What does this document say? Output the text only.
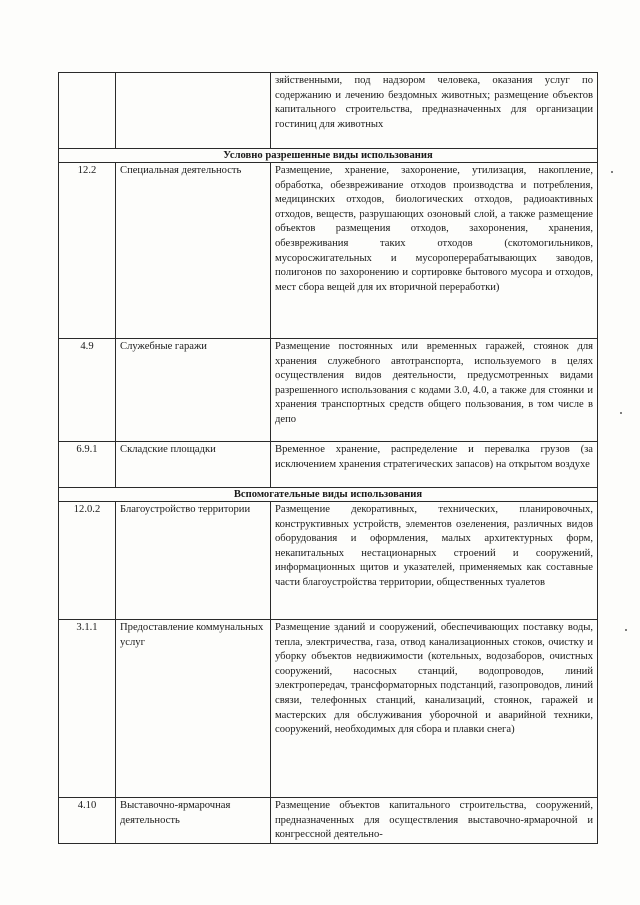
		зяйственными, под надзором человека, оказания услуг по содержанию и лечению бездомных животных; размещение объектов капитального строительства, предназначенных для организации гостиниц для животных
Условно разрешенные виды использования		
12.2	Специальная деятельность	Размещение, хранение, захоронение, утилизация, накопление, обработка, обезвреживание отходов производства и потребления, медицинских отходов, биологических отходов, радиоактивных отходов, веществ, разрушающих озоновый слой, а также размещение объектов размещения отходов, захоронения, хранения, обезвреживания таких отходов (скотомогильников, мусоросжигательных и мусороперерабатывающих заводов, полигонов по захоронению и сортировке бытового мусора и отходов, мест сбора вещей для их вторичной переработки)
4.9	Служебные гаражи	Размещение постоянных или временных гаражей, стоянок для хранения служебного автотранспорта, используемого в целях осуществления видов деятельности, предусмотренных видами разрешенного использования с кодами 3.0, 4.0, а также для стоянки и хранения транспортных средств общего пользования, в том числе в депо
6.9.1	Складские площадки	Временное хранение, распределение и перевалка грузов (за исключением хранения стратегических запасов) на открытом воздухе
Вспомогательные виды использования		
12.0.2	Благоустройство территории	Размещение декоративных, технических, планировочных, конструктивных устройств, элементов озеленения, различных видов оборудования и оформления, малых архитектурных форм, некапитальных нестационарных строений и сооружений, информационных щитов и указателей, применяемых как составные части благоустройства территории, общественных туалетов
3.1.1	Предоставление коммунальных услуг	Размещение зданий и сооружений, обеспечивающих поставку воды, тепла, электричества, газа, отвод канализационных стоков, очистку и уборку объектов недвижимости (котельных, водозаборов, очистных сооружений, насосных станций, водопроводов, линий электропередач, трансформаторных подстанций, газопроводов, линий связи, телефонных станций, канализаций, стоянок, гаражей и мастерских для обслуживания уборочной и аварийной техники, сооружений, необходимых для сбора и плавки снега)
4.10	Выставочно-ярмарочная деятельность	Размещение объектов капитального строительства, сооружений, предназначенных для осуществления выставочно-ярмарочной и конгрессной деятельно-
